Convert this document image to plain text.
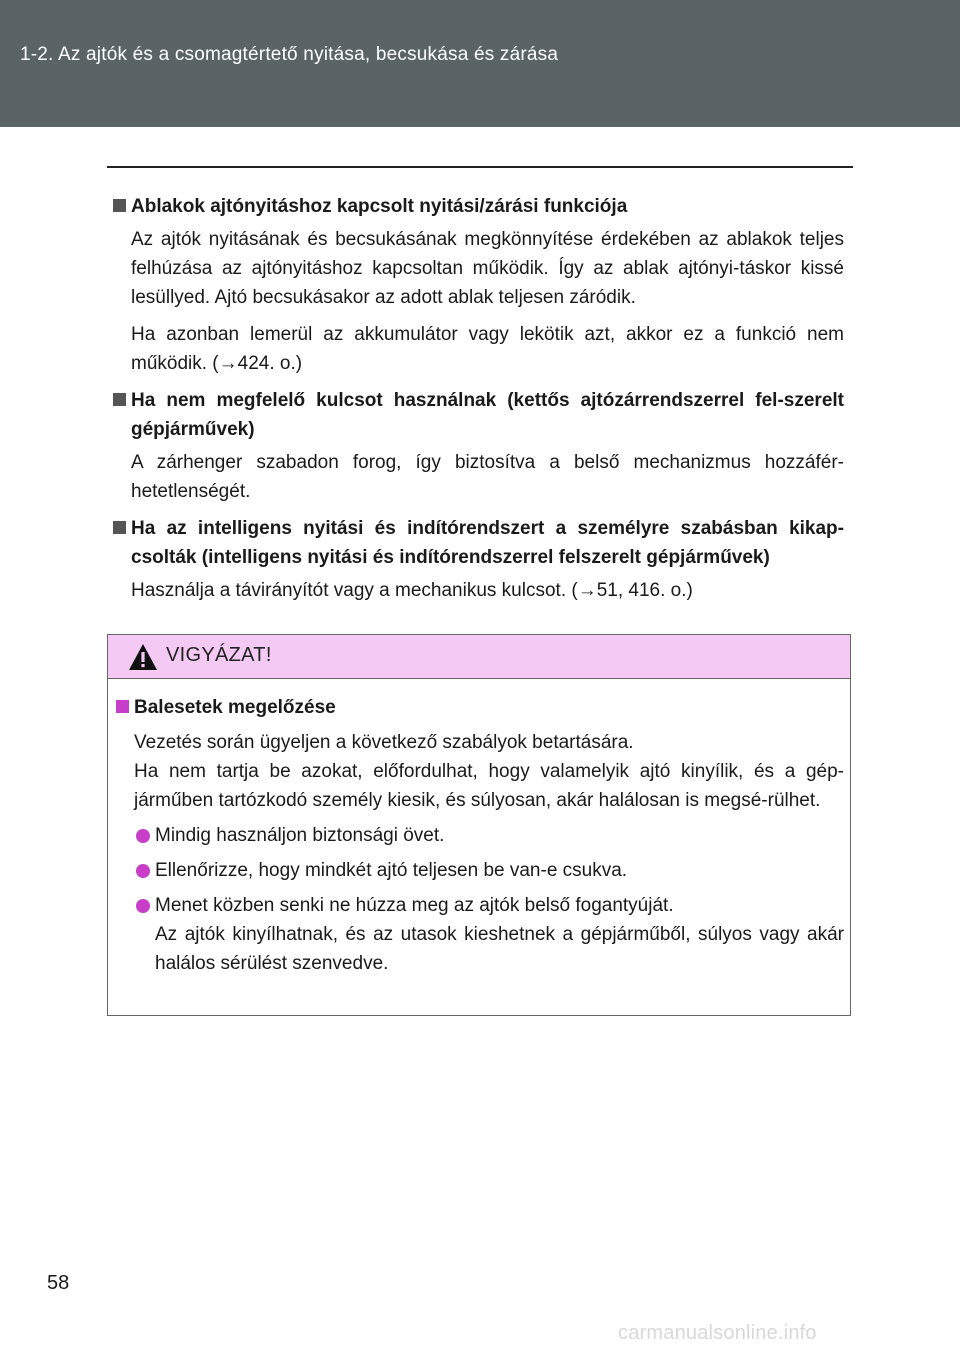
1-2. Az ajtók és a csomagtértető nyitása, becsukása és zárása
Ablakok ajtónyitáshoz kapcsolt nyitási/zárási funkciója
Az ajtók nyitásának és becsukásának megkönnyítése érdekében az ablakok teljes felhúzása az ajtónyitáshoz kapcsoltan működik. Így az ablak ajtónyi-táskor kissé lesüllyed. Ajtó becsukásakor az adott ablak teljesen záródik.
Ha azonban lemerül az akkumulátor vagy lekötik azt, akkor ez a funkció nem működik. (→424. o.)
Ha nem megfelelő kulcsot használnak (kettős ajtózárrendszerrel fel-szerelt gépjárművek)
A zárhenger szabadon forog, így biztosítva a belső mechanizmus hozzáfér-hetetlenségét.
Ha az intelligens nyitási és indítórendszert a személyre szabásban kikap-csolták (intelligens nyitási és indítórendszerrel felszerelt gépjárművek)
Használja a távirányítót vagy a mechanikus kulcsot. (→51, 416. o.)
VIGYÁZAT!
Balesetek megelőzése
Vezetés során ügyeljen a következő szabályok betartására.
Ha nem tartja be azokat, előfordulhat, hogy valamelyik ajtó kinyílik, és a gép-járműben tartózkodó személy kiesik, és súlyosan, akár halálosan is megsé-rülhet.
Mindig használjon biztonsági övet.
Ellenőrizze, hogy mindkét ajtó teljesen be van-e csukva.
Menet közben senki ne húzza meg az ajtók belső fogantyúját.
Az ajtók kinyílhatnak, és az utasok kieshetnek a gépjárműből, súlyos vagy akár halálos sérülést szenvedve.
58
carmanualsonline.info
